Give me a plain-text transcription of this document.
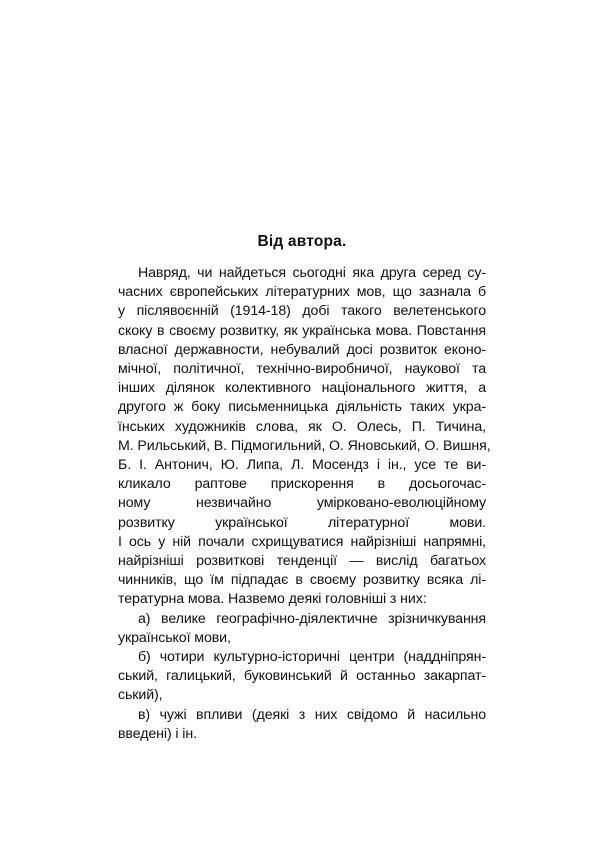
Від автора.
Навряд, чи найдеться сьогодні яка друга серед су-
часних європейських літературних мов, що зазнала б
у післявоєнній (1914-18) добі такого велетенського
скоку в своєму розвитку, як українська мова. Повстання
власної державности, небувалий досі розвиток еконо-
мічної, політичної, технічно-виробничої, наукової та
інших ділянок колективного національного життя, а
другого ж боку письменницька діяльність таких укра-
їнських художників слова, як О. Олесь, П. Тичина,
М. Рильський, В. Підмогильний, О. Яновський, О. Вишня,
Б. І. Антонич, Ю. Липа, Л. Мосендз і ін., усе те ви-
кликало раптове прискорення в досьогочас-
ному незвичайно уміркованo-еволюційному
розвитку української літературної мови.
І ось у ній почали схрищуватися найрізніші напрямні,
найрізніші розвиткові тенденції — вислід багатьох
чинників, що їм підпадає в своєму розвитку всяка лі-
тературна мова. Назвемо деякі головніші з них:
а) велике географічно-діялектичне зрізничкування
української мови,
б) чотири культурно-історичні центри (наддніпрян-
ський, галицький, буковинський й останньо закарпат-
ський),
в) чужі впливи (деякі з них свідомо й насильно
введені) і ін.
